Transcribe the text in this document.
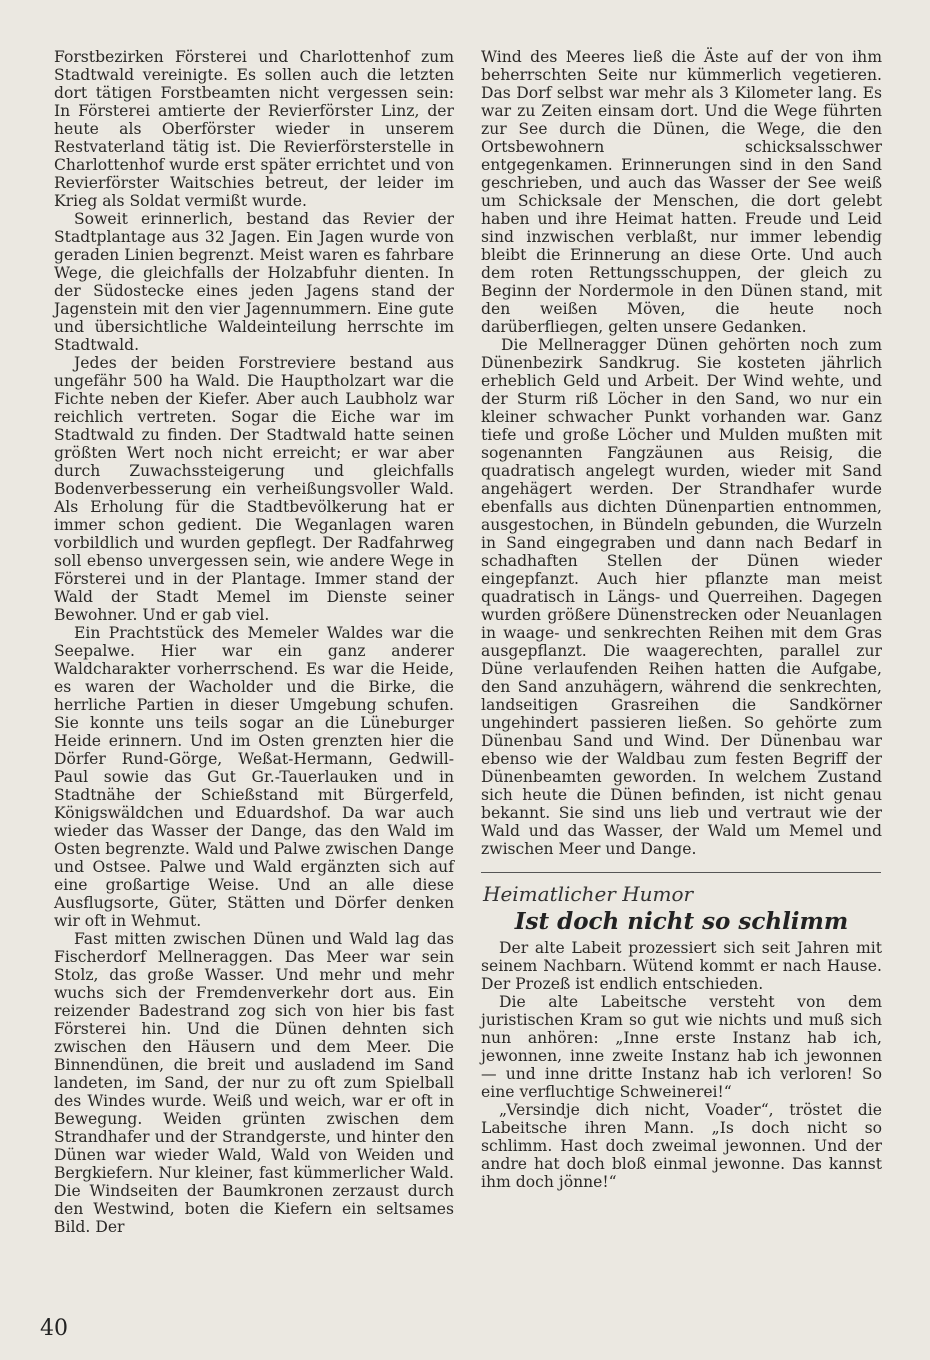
Forstbezirken Försterei und Charlottenhof zum Stadtwald vereinigte. Es sollen auch die letzten dort tätigen Forstbeamten nicht vergessen sein: In Försterei amtierte der Revierförster Linz, der heute als Oberförster wieder in unserem Restvaterland tätig ist. Die Revierförsterstelle in Charlottenhof wurde erst später errichtet und von Revierförster Waitschies betreut, der leider im Krieg als Soldat vermißt wurde.

Soweit erinnerlich, bestand das Revier der Stadtplantage aus 32 Jagen. Ein Jagen wurde von geraden Linien begrenzt. Meist waren es fahrbare Wege, die gleichfalls der Holzabfuhr dienten. In der Südostecke eines jeden Jagens stand der Jagenstein mit den vier Jagennummern. Eine gute und übersichtliche Waldeinteilung herrschte im Stadtwald.

Jedes der beiden Forstreviere bestand aus ungefähr 500 ha Wald. Die Hauptholzart war die Fichte neben der Kiefer. Aber auch Laubholz war reichlich vertreten. Sogar die Eiche war im Stadtwald zu finden. Der Stadtwald hatte seinen größten Wert noch nicht erreicht; er war aber durch Zuwachssteigerung und gleichfalls Bodenverbesserung ein verheißungsvoller Wald. Als Erholung für die Stadtbevölkerung hat er immer schon gedient. Die Weganlagen waren vorbildlich und wurden gepflegt. Der Radfahrweg soll ebenso unvergessen sein, wie andere Wege in Försterei und in der Plantage. Immer stand der Wald der Stadt Memel im Dienste seiner Bewohner. Und er gab viel.

Ein Prachtstück des Memeler Waldes war die Seepalwe. Hier war ein ganz anderer Waldcharakter vorherrschend. Es war die Heide, es waren der Wacholder und die Birke, die herrliche Partien in dieser Umgebung schufen. Sie konnte uns teils sogar an die Lüneburger Heide erinnern. Und im Osten grenzten hier die Dörfer Rund-Görge, Weßat-Hermann, Gedwill-Paul sowie das Gut Gr.-Tauerlauken und in Stadtnähe der Schießstand mit Bürgerfeld, Königswäldchen und Eduardshof. Da war auch wieder das Wasser der Dange, das den Wald im Osten begrenzte. Wald und Palwe zwischen Dange und Ostsee. Palwe und Wald ergänzten sich auf eine großartige Weise. Und an alle diese Ausflugsorte, Güter, Stätten und Dörfer denken wir oft in Wehmut.

Fast mitten zwischen Dünen und Wald lag das Fischerdorf Mellneraggen. Das Meer war sein Stolz, das große Wasser. Und mehr und mehr wuchs sich der Fremdenverkehr dort aus. Ein reizender Badestrand zog sich von hier bis fast Försterei hin. Und die Dünen dehnten sich zwischen den Häusern und dem Meer. Die Binnendünen, die breit und ausladend im Sand landeten, im Sand, der nur zu oft zum Spielball des Windes wurde. Weiß und weich, war er oft in Bewegung. Weiden grünten zwischen dem Strandhafer und der Strandgerste, und hinter den Dünen war wieder Wald, Wald von Weiden und Bergkiefern. Nur kleiner, fast kümmerlicher Wald. Die Windseiten der Baumkronen zerzaust durch den Westwind, boten die Kiefern ein seltsames Bild. Der

Wind des Meeres ließ die Äste auf der von ihm beherrschten Seite nur kümmerlich vegetieren. Das Dorf selbst war mehr als 3 Kilometer lang. Es war zu Zeiten einsam dort. Und die Wege führten zur See durch die Dünen, die Wege, die den Ortsbewohnern schicksalsschwer entgegenkamen. Erinnerungen sind in den Sand geschrieben, und auch das Wasser der See weiß um Schicksale der Menschen, die dort gelebt haben und ihre Heimat hatten. Freude und Leid sind inzwischen verblaßt, nur immer lebendig bleibt die Erinnerung an diese Orte. Und auch dem roten Rettungsschuppen, der gleich zu Beginn der Nordermole in den Dünen stand, mit den weißen Möven, die heute noch darüberfliegen, gelten unsere Gedanken.

Die Mellneragger Dünen gehörten noch zum Dünenbezirk Sandkrug. Sie kosteten jährlich erheblich Geld und Arbeit. Der Wind wehte, und der Sturm riß Löcher in den Sand, wo nur ein kleiner schwacher Punkt vorhanden war. Ganz tiefe und große Löcher und Mulden mußten mit sogenannten Fangzäunen aus Reisig, die quadratisch angelegt wurden, wieder mit Sand angehägert werden. Der Strandhafer wurde ebenfalls aus dichten Dünenpartien entnommen, ausgestochen, in Bündeln gebunden, die Wurzeln in Sand eingegraben und dann nach Bedarf in schadhaften Stellen der Dünen wieder eingepfanzt. Auch hier pflanzte man meist quadratisch in Längs- und Querreihen. Dagegen wurden größere Dünenstrecken oder Neuanlagen in waage- und senkrechten Reihen mit dem Gras ausgepflanzt. Die waagerechten, parallel zur Düne verlaufenden Reihen hatten die Aufgabe, den Sand anzuhägern, während die senkrechten, landseitigen Grasreihen die Sandkörner ungehindert passieren ließen. So gehörte zum Dünenbau Sand und Wind. Der Dünenbau war ebenso wie der Waldbau zum festen Begriff der Dünenbeamten geworden. In welchem Zustand sich heute die Dünen befinden, ist nicht genau bekannt. Sie sind uns lieb und vertraut wie der Wald und das Wasser, der Wald um Memel und zwischen Meer und Dange.

Heimatlicher Humor
Ist doch nicht so schlimm

Der alte Labeit prozessiert sich seit Jahren mit seinem Nachbarn. Wütend kommt er nach Hause. Der Prozeß ist endlich entschieden.

Die alte Labeitsche versteht von dem juristischen Kram so gut wie nichts und muß sich nun anhören: „Inne erste Instanz hab ich, jewonnen, inne zweite Instanz hab ich jewonnen — und inne dritte Instanz hab ich verloren! So eine verfluchtige Schweinerei!“

„Versindje dich nicht, Voader“, tröstet die Labeitsche ihren Mann. „Is doch nicht so schlimm. Hast doch zweimal jewonnen. Und der andre hat doch bloß einmal jewonne. Das kannst ihm doch jönne!“

40
